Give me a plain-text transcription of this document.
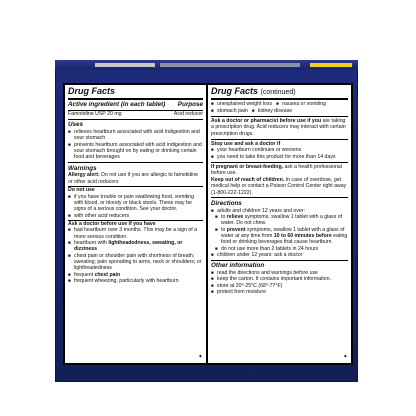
Drug Facts
Active ingredient (in each tablet) Purpose
Famotidine USP 20 mg	Acid reducer
Uses
■ relieves heartburn associated with acid indigestion and sour stomach
■ prevents heartburn associated with acid indigestion and sour stomach brought on by eating or drinking certain food and beverages
Warnings
Allergy alert: Do not use if you are allergic to famotidine or other acid reducers
Do not use
■ if you have trouble or pain swallowing food, vomiting with blood, or bloody or black stools. These may be signs of a serious condition. See your doctor.
■ with other acid reducers
Ask a doctor before use if you have
■ had heartburn over 3 months. This may be a sign of a more serious condition.
■ heartburn with lightheadedness, sweating, or dizziness
■ chest pain or shoulder pain with shortness of breath; sweating; pain spreading to arms, neck or shoulders; or lightheadedness
■ frequent chest pain
■ frequent wheezing, particularly with heartburn
➧
Drug Facts (continued)
■ unexplained weight loss	■ nausea or vomiting
■ stomach pain	■ kidney disease
Ask a doctor or pharmacist before use if you are taking a prescription drug. Acid reducers may interact with certain prescription drugs.
Stop use and ask a doctor if
■ your heartburn continues or worsens
■ you need to take this product for more than 14 days
If pregnant or breast-feeding, ask a health professional before use.
Keep out of reach of children. In case of overdose, get medical help or contact a Poison Control Center right away (1-800-222-1222).
Directions
■ adults and children 12 years and over:
■ to relieve symptoms, swallow 1 tablet with a glass of water. Do not chew.
■ to prevent symptoms, swallow 1 tablet with a glass of water at any time from 10 to 60 minutes before eating food or drinking beverages that cause heartburn
■ do not use more than 2 tablets in 24 hours
■ children under 12 years: ask a doctor
Other information
■ read the directions and warnings before use
■ keep the carton. It contains important information.
■ store at 20°-25°C (68°-77°F)
■ protect from moisture
➧
